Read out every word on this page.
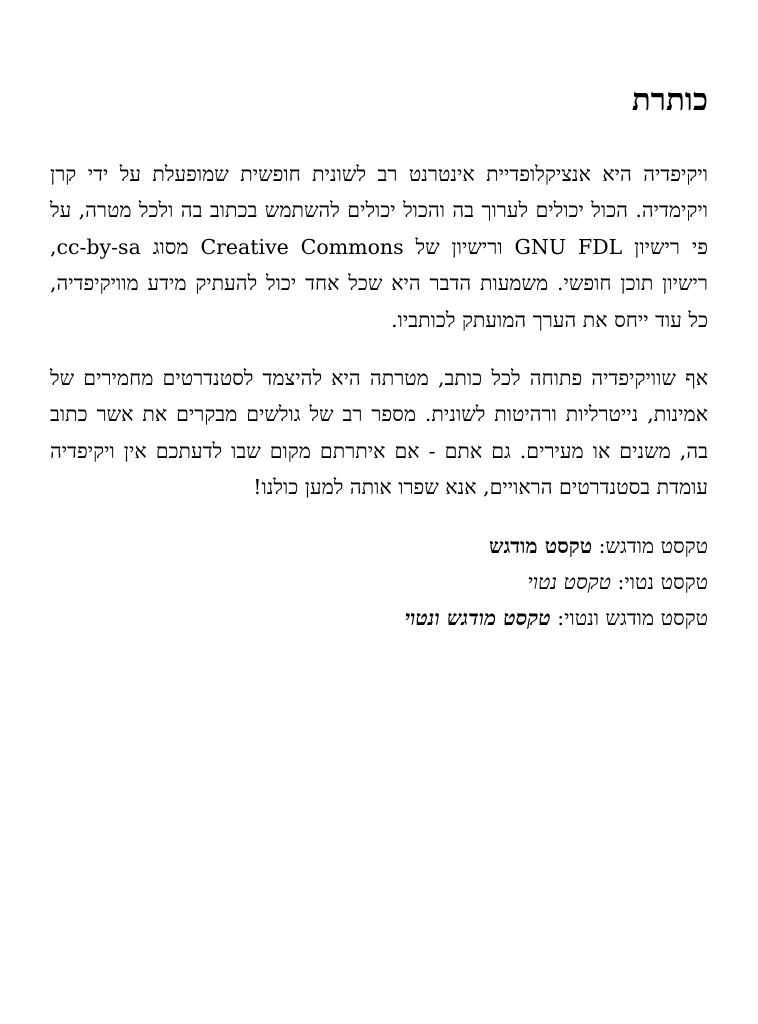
כותרת

ויקיפדיה היא אנציקלופדיית אינטרנט רב לשונית חופשית שמופעלת על ידי קרן ויקימדיה. הכול יכולים לערוך בה והכול יכולים להשתמש בכתוב בה ולכל מטרה, על פי רישיון GNU FDL ורישיון של Creative Commons מסוג cc-by-sa, רישיון תוכן חופשי. משמעות הדבר היא שכל אחד יכול להעתיק מידע מוויקיפדיה, כל עוד ייחס את הערך המועתק לכותביו.

אף שוויקיפדיה פתוחה לכל כותב, מטרתה היא להיצמד לסטנדרטים מחמירים של אמינות, נייטרליות ורהיטות לשונית. מספר רב של גולשים מבקרים את אשר כתוב בה, משנים או מעירים. גם אתם - אם איתרתם מקום שבו לדעתכם אין ויקיפדיה עומדת בסטנדרטים הראויים, אנא שפרו אותה למען כולנו!

טקסט מודגש: טקסט מודגש
טקסט נטוי: טקסט נטוי
טקסט מודגש ונטוי: טקסט מודגש ונטוי
